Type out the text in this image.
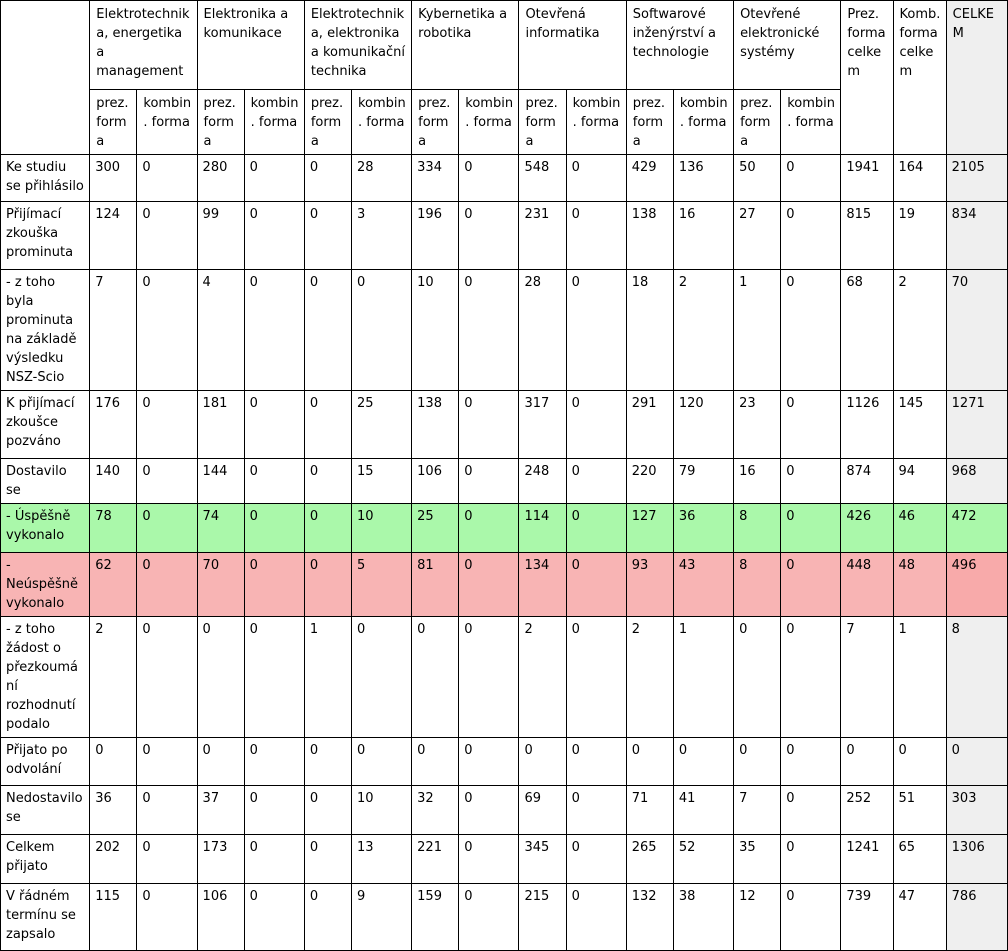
	Elektrotechnika, energetika a management		Elektronika a komunikace		Elektrotechnika, elektronika a komunikační technika		Kybernetika a robotika		Otevřená informatika		Softwarové inženýrství a technologie		Otevřené elektronické systémy		Prez. forma celkem	Komb. forma celkem	CELKEM
	prez. forma	kombin. forma	prez. forma	kombin. forma	prez. forma	kombin. forma	prez. forma	kombin. forma	prez. forma	kombin. forma	prez. forma	kombin. forma	prez. forma	kombin. forma			
Ke studiu se přihlásilo	300	0	280	0	0	28	334	0	548	0	429	136	50	0	1941	164	2105
Přijímací zkouška prominuta	124	0	99	0	0	3	196	0	231	0	138	16	27	0	815	19	834
- z toho byla prominuta na základě výsledku NSZ-Scio	7	0	4	0	0	0	10	0	28	0	18	2	1	0	68	2	70
K přijímací zkoušce pozváno	176	0	181	0	0	25	138	0	317	0	291	120	23	0	1126	145	1271
Dostavilo se	140	0	144	0	0	15	106	0	248	0	220	79	16	0	874	94	968
- Úspěšně vykonalo	78	0	74	0	0	10	25	0	114	0	127	36	8	0	426	46	472
- Neúspěšně vykonalo	62	0	70	0	0	5	81	0	134	0	93	43	8	0	448	48	496
- z toho žádost o přezkoumání rozhodnutí podalo	2	0	0	0	1	0	0	0	2	0	2	1	0	0	7	1	8
Přijato po odvolání	0	0	0	0	0	0	0	0	0	0	0	0	0	0	0	0	0
Nedostavilo se	36	0	37	0	0	10	32	0	69	0	71	41	7	0	252	51	303
Celkem přijato	202	0	173	0	0	13	221	0	345	0	265	52	35	0	1241	65	1306
V řádném termínu se zapsalo	115	0	106	0	0	9	159	0	215	0	132	38	12	0	739	47	786
